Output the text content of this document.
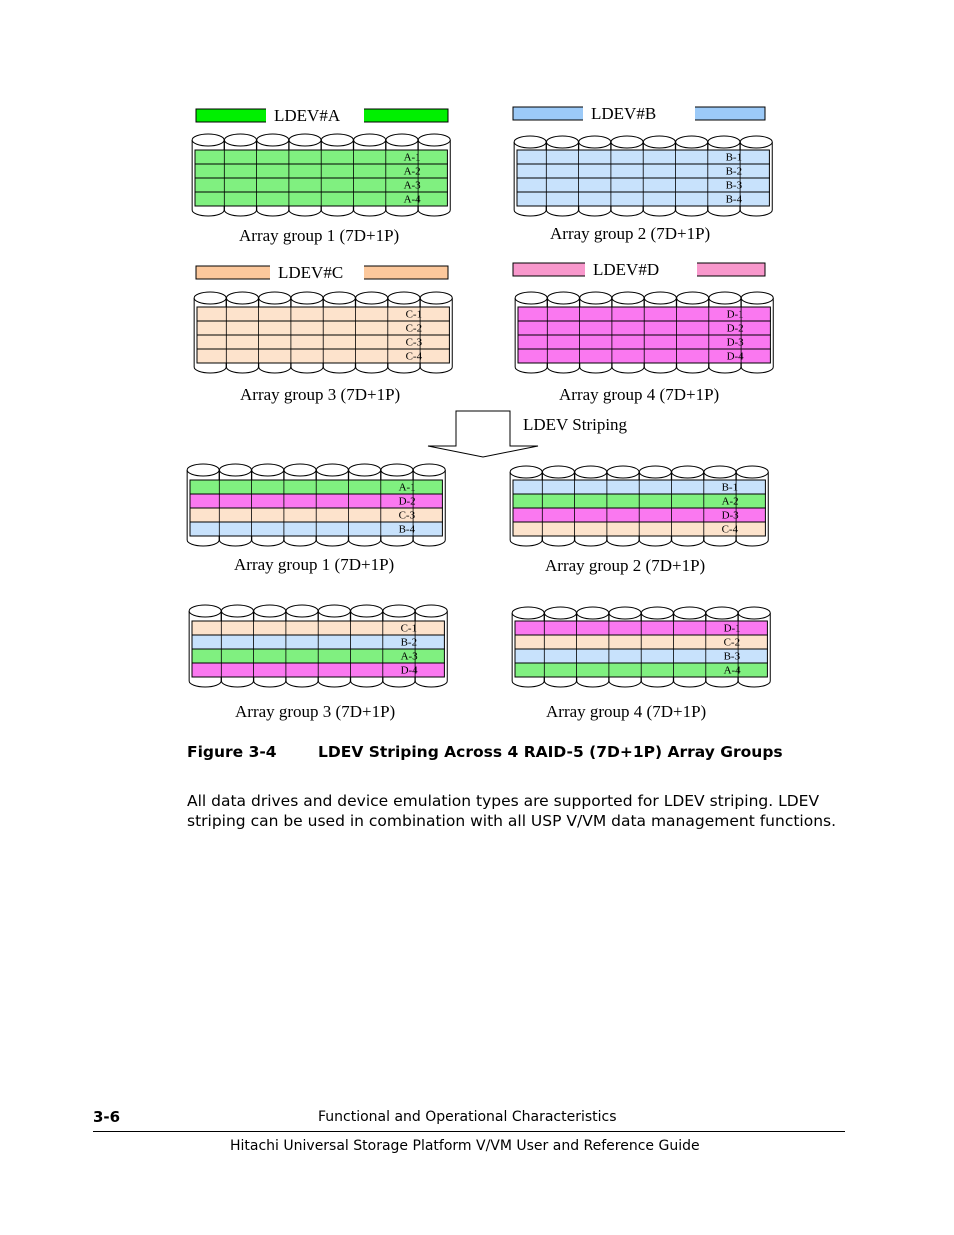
LDEV#A	LDEV#B
LDEV#C	LDEV#D
A-1
A-2
A-3
A-4
Array group 1 (7D+1P)
B-1
B-2
B-3
B-4
Array group 2 (7D+1P)
C-1
C-2
C-3
C-4
Array group 3 (7D+1P)
D-1
D-2
D-3
D-4
Array group 4 (7D+1P)
LDEV Striping
A-1
D-2
C-3
B-4
Array group 1 (7D+1P)
B-1
A-2
D-3
C-4
Array group 2 (7D+1P)
C-1
B-2
A-3
D-4
Array group 3 (7D+1P)
D-1
C-2
B-3
A-4
Array group 4 (7D+1P)
Figure 3-4	LDEV Striping Across 4 RAID-5 (7D+1P) Array Groups
All data drives and device emulation types are supported for LDEV striping. LDEV striping can be used in combination with all USP V/VM data management functions.
3-6	Functional and Operational Characteristics
Hitachi Universal Storage Platform V/VM User and Reference Guide
